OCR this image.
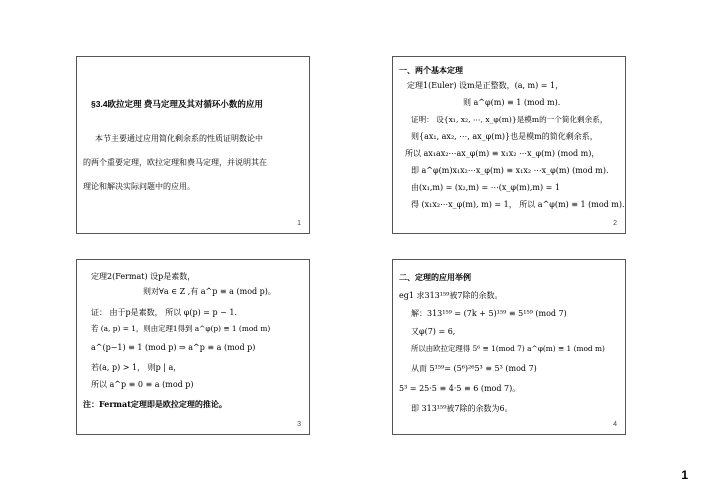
§3.4欧拉定理 费马定理及其对循环小数的应用
本节主要通过应用简化剩余系的性质证明数论中
的两个重要定理，欧拉定理和费马定理，并说明其在
理论和解决实际问题中的应用。
1
一、两个基本定理
定理1(Euler) 设m是正整数，(a, m) = 1，
则 a^φ(m) ≡ 1 (mod m).
证明： 设{x₁, x₂, ⋯, x_φ(m)}是模m的一个简化剩余系，
则{ax₁, ax₂, ⋯, ax_φ(m)}也是模m的简化剩余系，
所以 ax₁ax₂⋯ax_φ(m) ≡ x₁x₂ ⋯x_φ(m) (mod m)，
即 a^φ(m)x₁x₂⋯x_φ(m) ≡ x₁x₂ ⋯x_φ(m) (mod m).
由(x₁,m) = (x₂,m) = ⋯(x_φ(m),m) = 1
得 (x₁x₂⋯x_φ(m), m) = 1， 所以 a^φ(m) ≡ 1 (mod m).
2
定理2(Fermat) 设p是素数，
则对∀a ∈ Z ,有 a^p ≡ a (mod p)。
证： 由于p是素数， 所以 φ(p) = p − 1.
若 (a, p) = 1，则由定理1得到 a^φ(p) ≡ 1 (mod m)
a^(p−1) ≡ 1 (mod p) ⇒ a^p ≡ a (mod p)
若(a, p) > 1， 则p | a，
所以 a^p ≡ 0 ≡ a (mod p)
注：Fermat定理即是欧拉定理的推论。
3
二、定理的应用举例
eg1 求313¹⁵⁹被7除的余数。
解：313¹⁵⁹ = (7k + 5)¹⁵⁹ ≡ 5¹⁵⁹ (mod 7)
又φ(7) = 6,
所以由欧拉定理得 5⁶ ≡ 1(mod 7) a^φ(m) ≡ 1 (mod m)
从而 5¹⁵⁹= (5⁶)²⁶5³ ≡ 5³ (mod 7)
5³ = 25·5 ≡ 4·5 ≡ 6 (mod 7)。
即 313¹⁵⁹被7除的余数为6。
4
1
